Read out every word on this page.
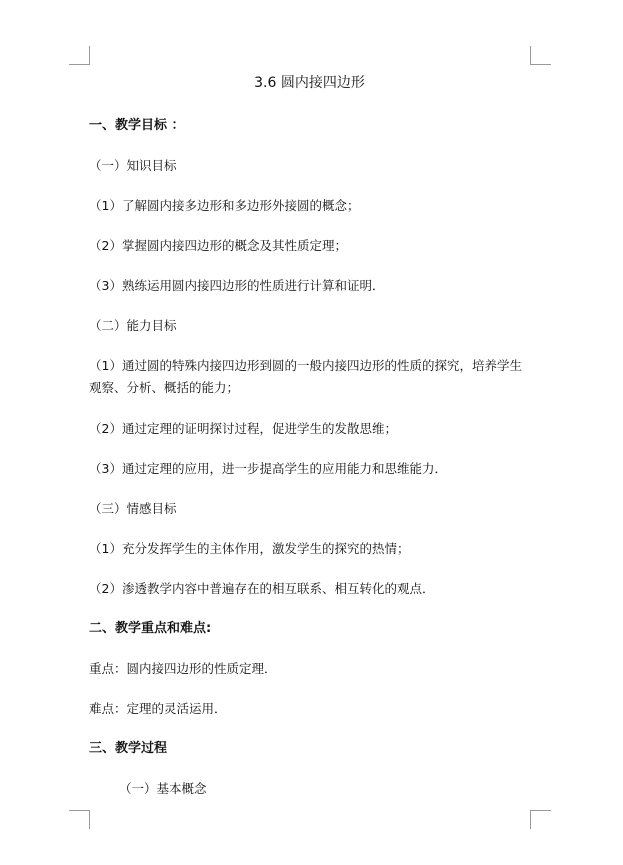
3.6 圆内接四边形
一、教学目标 ：
（一）知识目标
（1）了解圆内接多边形和多边形外接圆的概念；
（2）掌握圆内接四边形的概念及其性质定理；
（3）熟练运用圆内接四边形的性质进行计算和证明．
（二）能力目标
（1）通过圆的特殊内接四边形到圆的一般内接四边形的性质的探究，培养学生
观察、分析、概括的能力；
（2）通过定理的证明探讨过程，促进学生的发散思维；
（3）通过定理的应用，进一步提高学生的应用能力和思维能力．
（三）情感目标
（1）充分发挥学生的主体作用，激发学生的探究的热情；
（2）渗透教学内容中普遍存在的相互联系、相互转化的观点．
二、教学重点和难点:
重点：圆内接四边形的性质定理．
难点：定理的灵活运用．
三、教学过程
（一）基本概念
